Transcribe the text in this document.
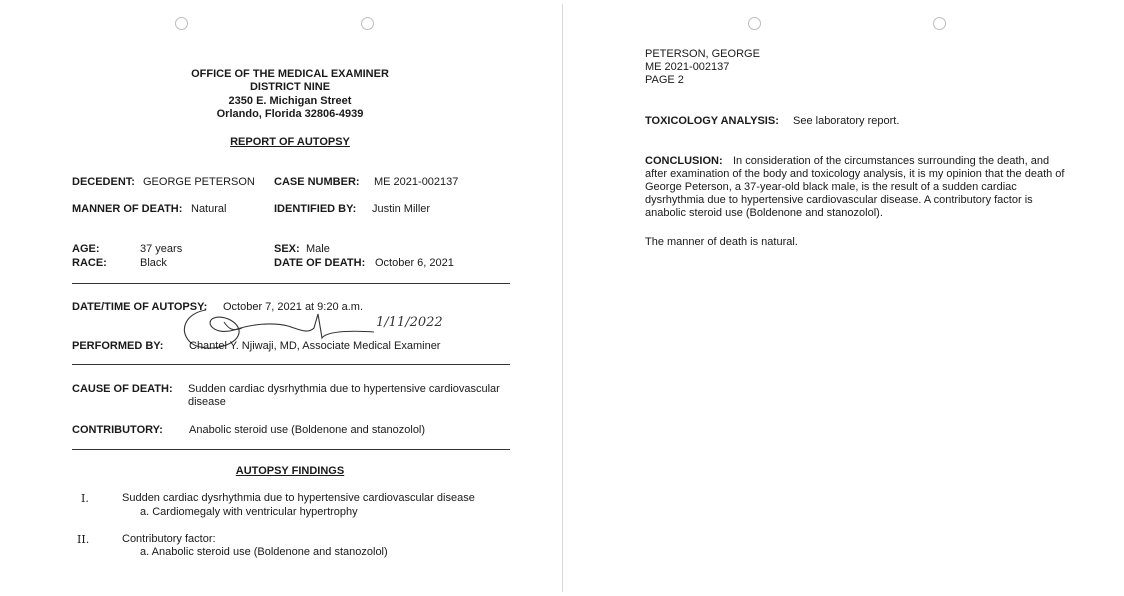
OFFICE OF THE MEDICAL EXAMINER
DISTRICT NINE
2350 E. Michigan Street
Orlando, Florida 32806-4939
REPORT OF AUTOPSY
DECEDENT: GEORGE PETERSON CASE NUMBER: ME 2021-002137
MANNER OF DEATH: Natural	IDENTIFIED BY: Justin Miller
AGE:	37 years
RACE:	Black
SEX: Male
DATE OF DEATH: October 6, 2021
DATE/TIME OF AUTOPSY: October 7, 2021 at 9:20 a.m.
1/11/2022
PERFORMED BY: Chantel Y. Njiwaji, MD, Associate Medical Examiner
CAUSE OF DEATH: Sudden cardiac dysrhythmia due to hypertensive cardiovascular
disease
CONTRIBUTORY: Anabolic steroid use (Boldenone and stanozolol)
AUTOPSY FINDINGS
I.	Sudden cardiac dysrhythmia due to hypertensive cardiovascular disease
a. Cardiomegaly with ventricular hypertrophy
II.	Contributory factor:
a. Anabolic steroid use (Boldenone and stanozolol)
PETERSON, GEORGE
ME 2021-002137
PAGE 2
TOXICOLOGY ANALYSIS: See laboratory report.
CONCLUSION: In consideration of the circumstances surrounding the death, and
after examination of the body and toxicology analysis, it is my opinion that the death of
George Peterson, a 37-year-old black male, is the result of a sudden cardiac
dysrhythmia due to hypertensive cardiovascular disease. A contributory factor is
anabolic steroid use (Boldenone and stanozolol).
The manner of death is natural.
